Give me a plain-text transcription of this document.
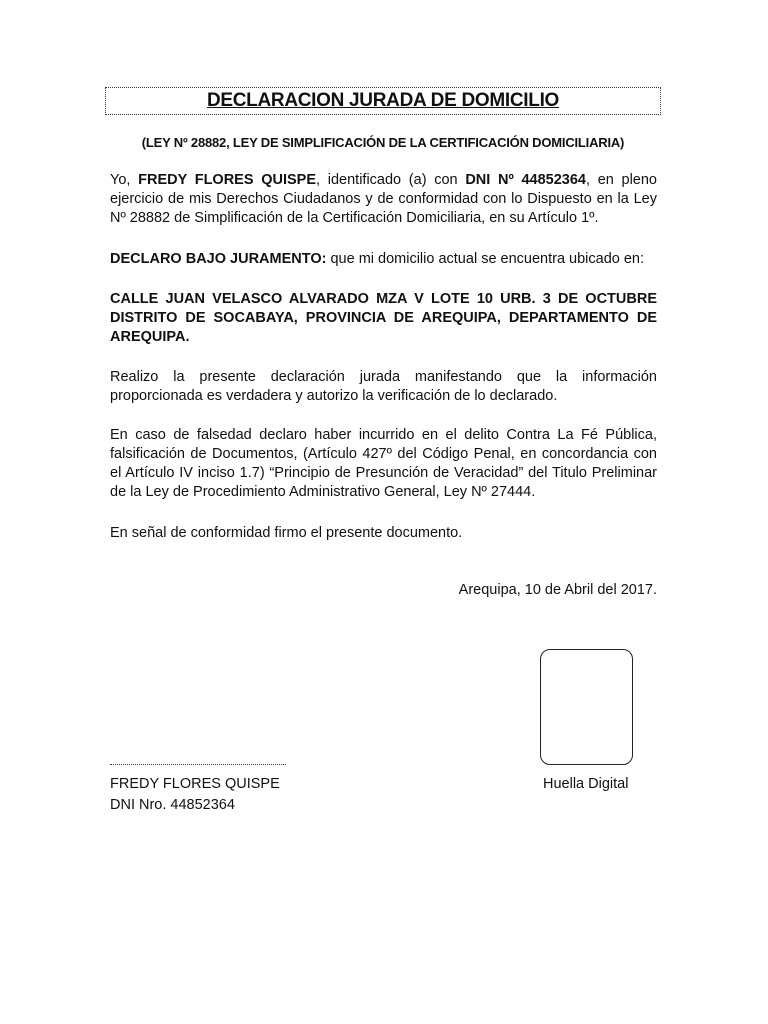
DECLARACION JURADA DE DOMICILIO
(LEY Nº 28882, LEY DE SIMPLIFICACIÓN DE LA CERTIFICACIÓN DOMICILIARIA)
Yo, FREDY FLORES QUISPE, identificado (a) con DNI Nº 44852364, en pleno ejercicio de mis Derechos Ciudadanos y de conformidad con lo Dispuesto en la Ley Nº 28882 de Simplificación de la Certificación Domiciliaria, en su Artículo 1º.
DECLARO BAJO JURAMENTO: que mi domicilio actual se encuentra ubicado en:
CALLE JUAN VELASCO ALVARADO MZA V LOTE 10 URB. 3 DE OCTUBRE DISTRITO DE SOCABAYA, PROVINCIA DE AREQUIPA, DEPARTAMENTO DE AREQUIPA.
Realizo la presente declaración jurada manifestando que la información proporcionada es verdadera y autorizo la verificación de lo declarado.
En caso de falsedad declaro haber incurrido en el delito Contra La Fé Pública, falsificación de Documentos, (Artículo 427º del Código Penal, en concordancia con el Artículo IV inciso 1.7) “Principio de Presunción de Veracidad” del Titulo Preliminar de la Ley de Procedimiento Administrativo General, Ley Nº 27444.
En señal de conformidad firmo el presente documento.
Arequipa, 10 de Abril del 2017.
FREDY FLORES QUISPE
DNI Nro. 44852364
Huella Digital
